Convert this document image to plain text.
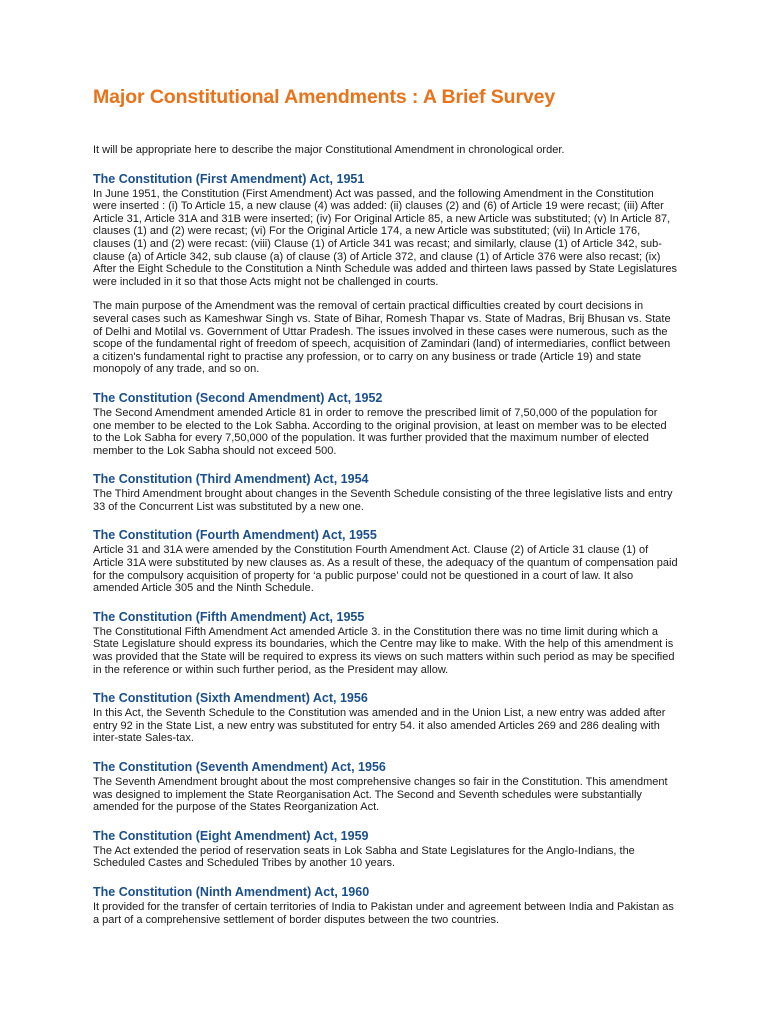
Major Constitutional Amendments : A Brief Survey

It will be appropriate here to describe the major Constitutional Amendment in chronological order.

The Constitution (First Amendment) Act, 1951

In June 1951, the Constitution (First Amendment) Act was passed, and the following Amendment in the Constitution were inserted : (i) To Article 15, a new clause (4) was added: (ii) clauses (2) and (6) of Article 19 were recast; (iii) After Article 31, Article 31A and 31B were inserted; (iv) For Original Article 85, a new Article was substituted; (v) In Article 87, clauses (1) and (2) were recast; (vi) For the Original Article 174, a new Article was substituted; (vii) In Article 176, clauses (1) and (2) were recast: (viii) Clause (1) of Article 341 was recast; and similarly, clause (1) of Article 342, sub-clause (a) of Article 342, sub clause (a) of clause (3) of Article 372, and clause (1) of Article 376 were also recast; (ix) After the Eight Schedule to the Constitution a Ninth Schedule was added and thirteen laws passed by State Legislatures were included in it so that those Acts might not be challenged in courts.

The main purpose of the Amendment was the removal of certain practical difficulties created by court decisions in several cases such as Kameshwar Singh vs. State of Bihar, Romesh Thapar vs. State of Madras, Brij Bhusan vs. State of Delhi and Motilal vs. Government of Uttar Pradesh. The issues involved in these cases were numerous, such as the scope of the fundamental right of freedom of speech, acquisition of Zamindari (land) of intermediaries, conflict between a citizen's fundamental right to practise any profession, or to carry on any business or trade (Article 19) and state monopoly of any trade, and so on.

The Constitution (Second Amendment) Act, 1952

The Second Amendment amended Article 81 in order to remove the prescribed limit of 7,50,000 of the population for one member to be elected to the Lok Sabha. According to the original provision, at least on member was to be elected to the Lok Sabha for every 7,50,000 of the population. It was further provided that the maximum number of elected member to the Lok Sabha should not exceed 500.

The Constitution (Third Amendment) Act, 1954

The Third Amendment brought about changes in the Seventh Schedule consisting of the three legislative lists and entry 33 of the Concurrent List was substituted by a new one.

The Constitution (Fourth Amendment) Act, 1955

Article 31 and 31A were amended by the Constitution Fourth Amendment Act. Clause (2) of Article 31 clause (1) of Article 31A were substituted by new clauses as. As a result of these, the adequacy of the quantum of compensation paid for the compulsory acquisition of property for ‘a public purpose’ could not be questioned in a court of law. It also amended Article 305 and the Ninth Schedule.

The Constitution (Fifth Amendment) Act, 1955

The Constitutional Fifth Amendment Act amended Article 3. in the Constitution there was no time limit during which a State Legislature should express its boundaries, which the Centre may like to make. With the help of this amendment is was provided that the State will be required to express its views on such matters within such period as may be specified in the reference or within such further period, as the President may allow.

The Constitution (Sixth Amendment) Act, 1956

In this Act, the Seventh Schedule to the Constitution was amended and in the Union List, a new entry was added after entry 92 in the State List, a new entry was substituted for entry 54. it also amended Articles 269 and 286 dealing with inter-state Sales-tax.

The Constitution (Seventh Amendment) Act, 1956

The Seventh Amendment brought about the most comprehensive changes so fair in the Constitution. This amendment was designed to implement the State Reorganisation Act. The Second and Seventh schedules were substantially amended for the purpose of the States Reorganization Act.

The Constitution (Eight Amendment) Act, 1959

The Act extended the period of reservation seats in Lok Sabha and State Legislatures for the Anglo-Indians, the Scheduled Castes and Scheduled Tribes by another 10 years.

The Constitution (Ninth Amendment) Act, 1960

It provided for the transfer of certain territories of India to Pakistan under and agreement between India and Pakistan as a part of a comprehensive settlement of border disputes between the two countries.
